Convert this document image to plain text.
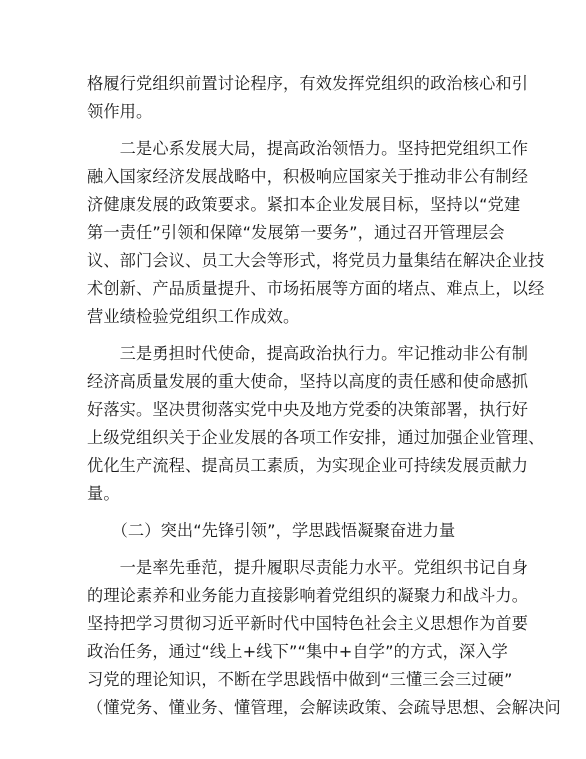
格履行党组织前置讨论程序，有效发挥党组织的政治核心和引
领作用。
　　二是心系发展大局，提高政治领悟力。坚持把党组织工作
融入国家经济发展战略中，积极响应国家关于推动非公有制经
济健康发展的政策要求。紧扣本企业发展目标，坚持以“党建
第一责任”引领和保障“发展第一要务”，通过召开管理层会
议、部门会议、员工大会等形式，将党员力量集结在解决企业技
术创新、产品质量提升、市场拓展等方面的堵点、难点上，以经
营业绩检验党组织工作成效。
　　三是勇担时代使命，提高政治执行力。牢记推动非公有制
经济高质量发展的重大使命，坚持以高度的责任感和使命感抓
好落实。坚决贯彻落实党中央及地方党委的决策部署，执行好
上级党组织关于企业发展的各项工作安排，通过加强企业管理、
优化生产流程、提高员工素质，为实现企业可持续发展贡献力
量。
　　（二）突出“先锋引领”，学思践悟凝聚奋进力量
　　一是率先垂范，提升履职尽责能力水平。党组织书记自身
的理论素养和业务能力直接影响着党组织的凝聚力和战斗力。
坚持把学习贯彻习近平新时代中国特色社会主义思想作为首要
政治任务，通过“线上+线下”“集中+自学”的方式，深入学
习党的理论知识，不断在学思践悟中做到“三懂三会三过硬”
（懂党务、懂业务、懂管理，会解读政策、会疏导思想、会解决问
